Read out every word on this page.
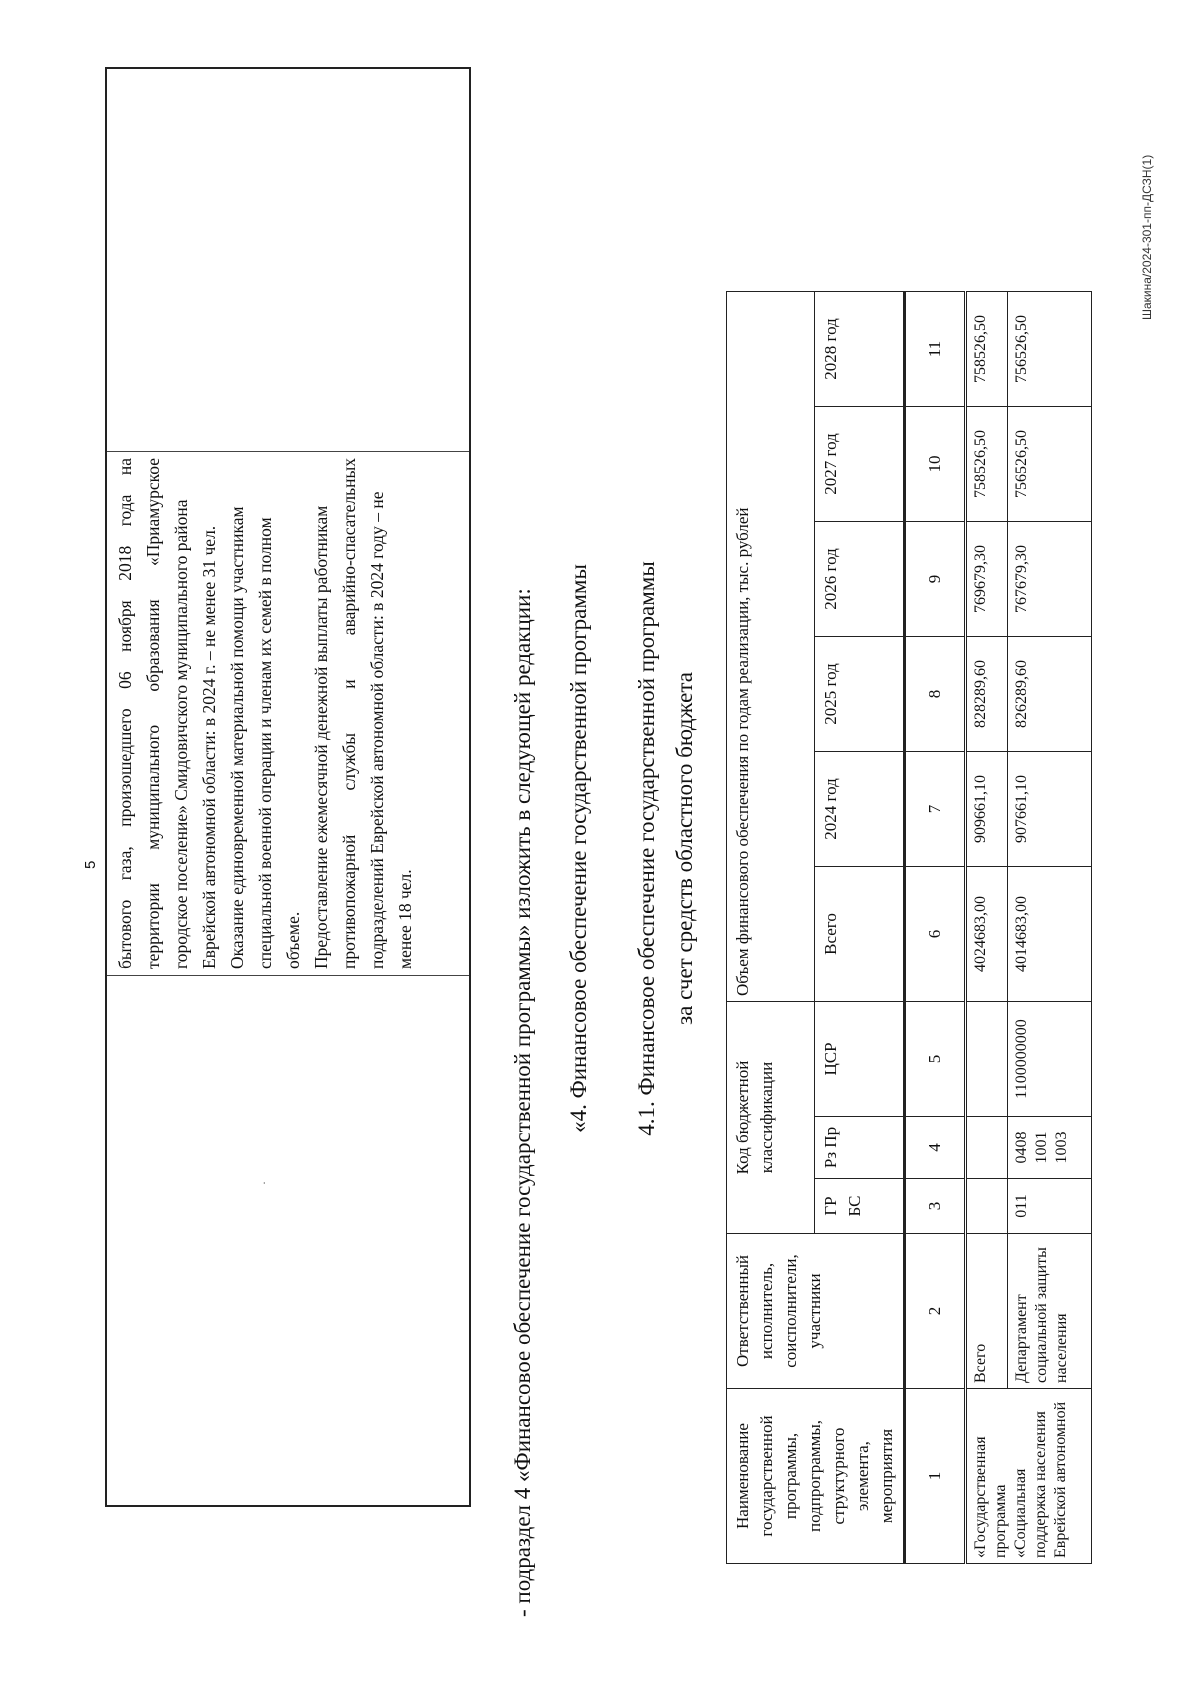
5
·

бытового газа, произошедшего 06 ноября 2018 года на территории муниципального образования «Приамурское городское поселение» Смидовичского муниципального района Еврейской автономной области: в 2024 г. – не менее 31 чел. Оказание единовременной материальной помощи участникам специальной военной операции и членам их семей в полном объеме. Предоставление ежемесячной денежной выплаты работникам противопожарной службы и аварийно-спасательных подразделений Еврейской автономной области: в 2024 году – не менее 18 чел.	- подраздел 4 «Финансовое обеспечение государственной программы» изложить в следующей редакции: «4. Финансовое обеспечение государственной программы 4.1. Финансовое обеспечение государственной программы за счет средств областного бюджета
Наименование государственной программы, подпрограммы, структурного элемента, мероприятия	Ответственный исполнитель, соисполнители, участники	Код бюджетной классификации			Объем финансового обеспечения по годам реализации, тыс. рублей					
		ГР БС	Рз Пр	ЦСР	Всего	2024 год	2025 год	2026 год	2027 год	2028 год
1	2	3	4	5	6	7	8	9	10	11
«Государственная программа «Социальная поддержка населения Еврейской автономной	Всего				4024683,00	909661,10	828289,60	769679,30	758526,50	758526,50
	Департамент социальной защиты населения	011	0408 1001 1003	1100000000	4014683,00	907661,10	826289,60	767679,30	756526,50	756526,50
Шакина/2024-301-пп-ДСЗН(1)
